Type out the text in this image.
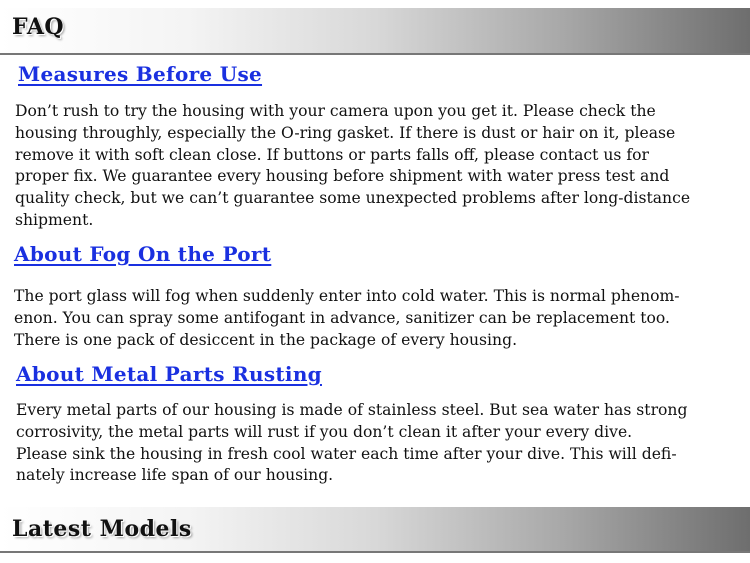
FAQ
Measures Before Use

Don’t rush to try the housing with your camera upon you get it. Please check the
housing throughly, especially the O-ring gasket. If there is dust or hair on it, please
remove it with soft clean close. If buttons or parts falls off, please contact us for
proper fix. We guarantee every housing before shipment with water press test and
quality check, but we can’t guarantee some unexpected problems after long-distance
shipment.

About Fog On the Port

The port glass will fog when suddenly enter into cold water. This is normal phenom-
enon. You can spray some antifogant in advance, sanitizer can be replacement too.
There is one pack of desiccent in the package of every housing.

About Metal Parts Rusting

Every metal parts of our housing is made of stainless steel. But sea water has strong
corrosivity, the metal parts will rust if you don’t clean it after your every dive.
Please sink the housing in fresh cool water each time after your dive. This will defi-
nately increase life span of our housing.

Latest Models
